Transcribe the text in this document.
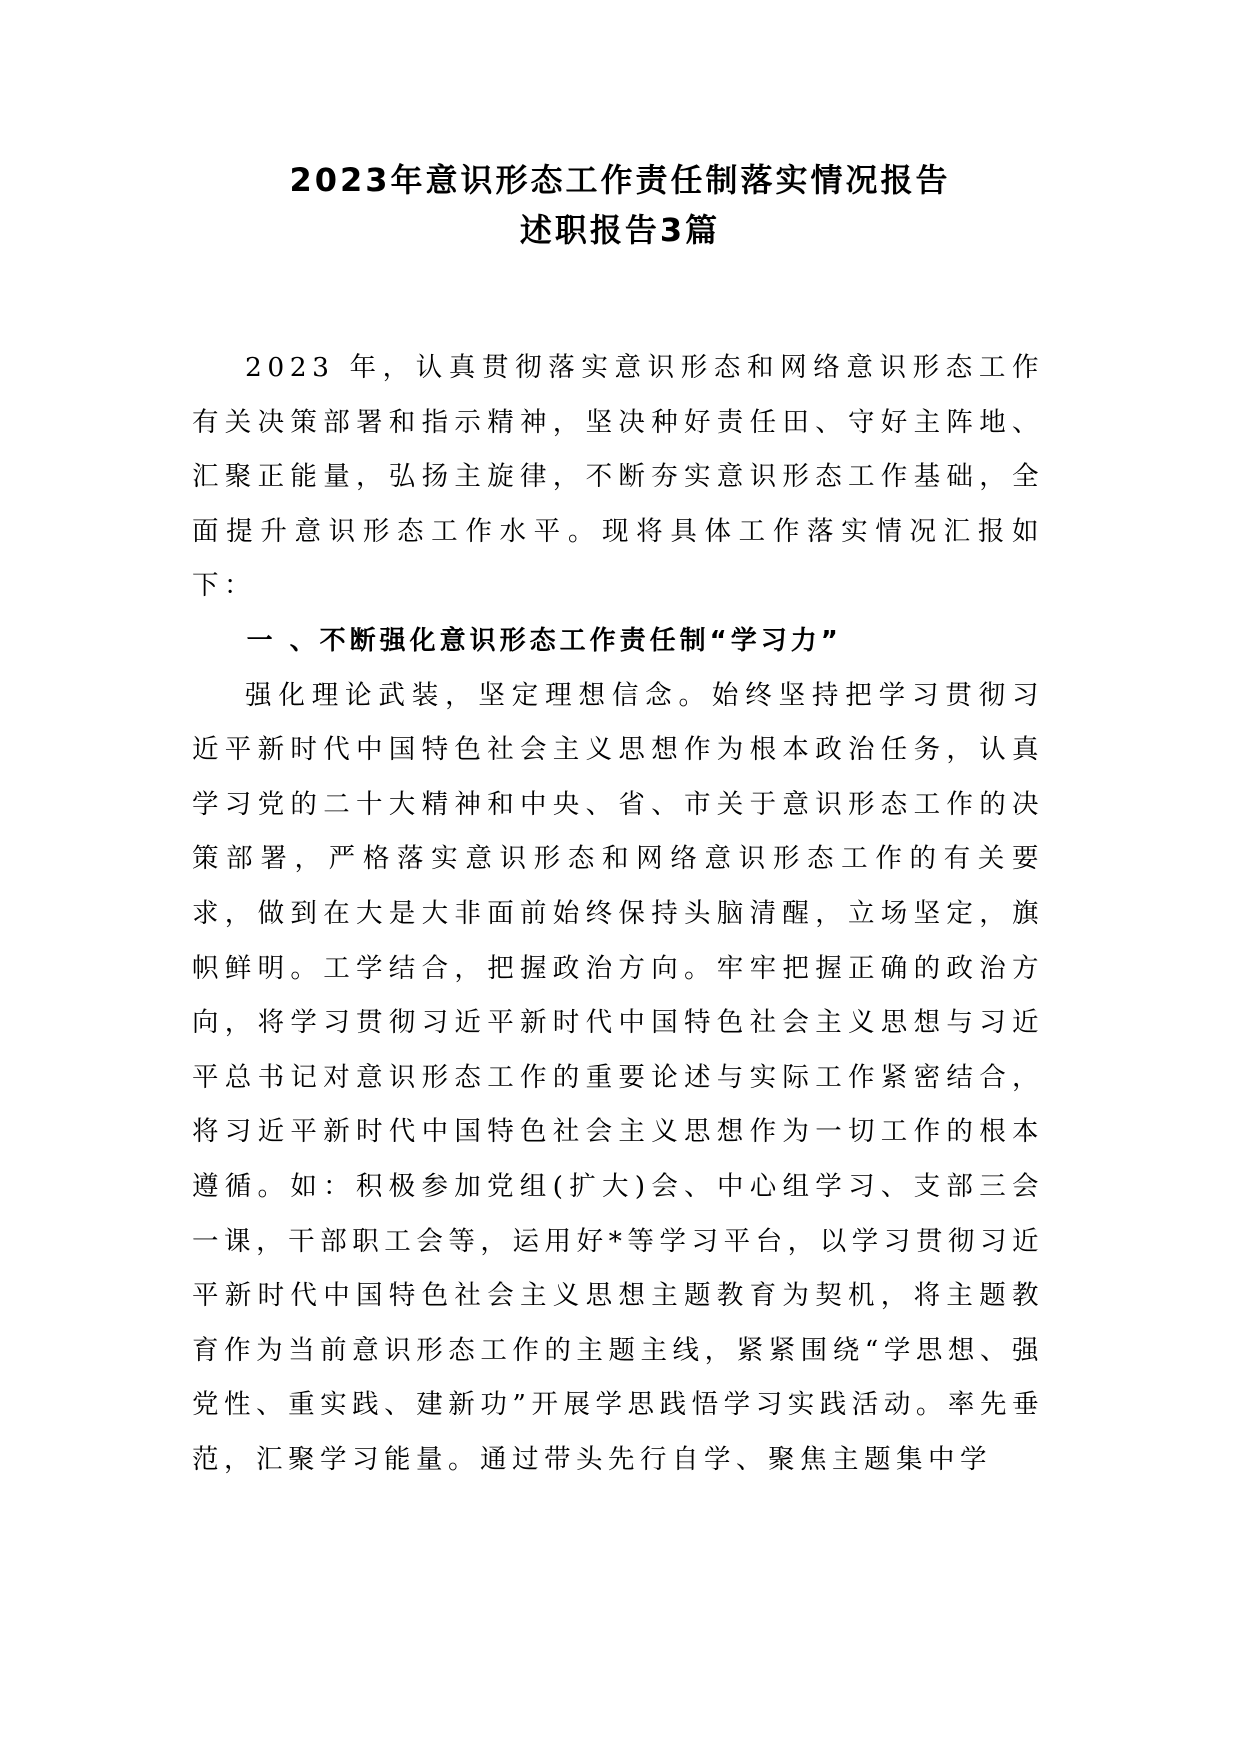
2023年意识形态工作责任制落实情况报告
述职报告3篇

2023 年，认真贯彻落实意识形态和网络意识形态工作有关决策部署和指示精神，坚决种好责任田、守好主阵地、汇聚正能量，弘扬主旋律，不断夯实意识形态工作基础，全面提升意识形态工作水平。现将具体工作落实情况汇报如下：

一 、不断强化意识形态工作责任制“学习力”

强化理论武装，坚定理想信念。始终坚持把学习贯彻习近平新时代中国特色社会主义思想作为根本政治任务，认真学习党的二十大精神和中央、省、市关于意识形态工作的决策部署，严格落实意识形态和网络意识形态工作的有关要求，做到在大是大非面前始终保持头脑清醒，立场坚定，旗帜鲜明。工学结合，把握政治方向。牢牢把握正确的政治方向，将学习贯彻习近平新时代中国特色社会主义思想与习近平总书记对意识形态工作的重要论述与实际工作紧密结合，将习近平新时代中国特色社会主义思想作为一切工作的根本遵循。如：积极参加党组(扩大)会、中心组学习、支部三会一课，干部职工会等，运用好*等学习平台，以学习贯彻习近平新时代中国特色社会主义思想主题教育为契机，将主题教育作为当前意识形态工作的主题主线，紧紧围绕“学思想、强党性、重实践、建新功”开展学思践悟学习实践活动。率先垂范，汇聚学习能量。通过带头先行自学、聚焦主题集中学
